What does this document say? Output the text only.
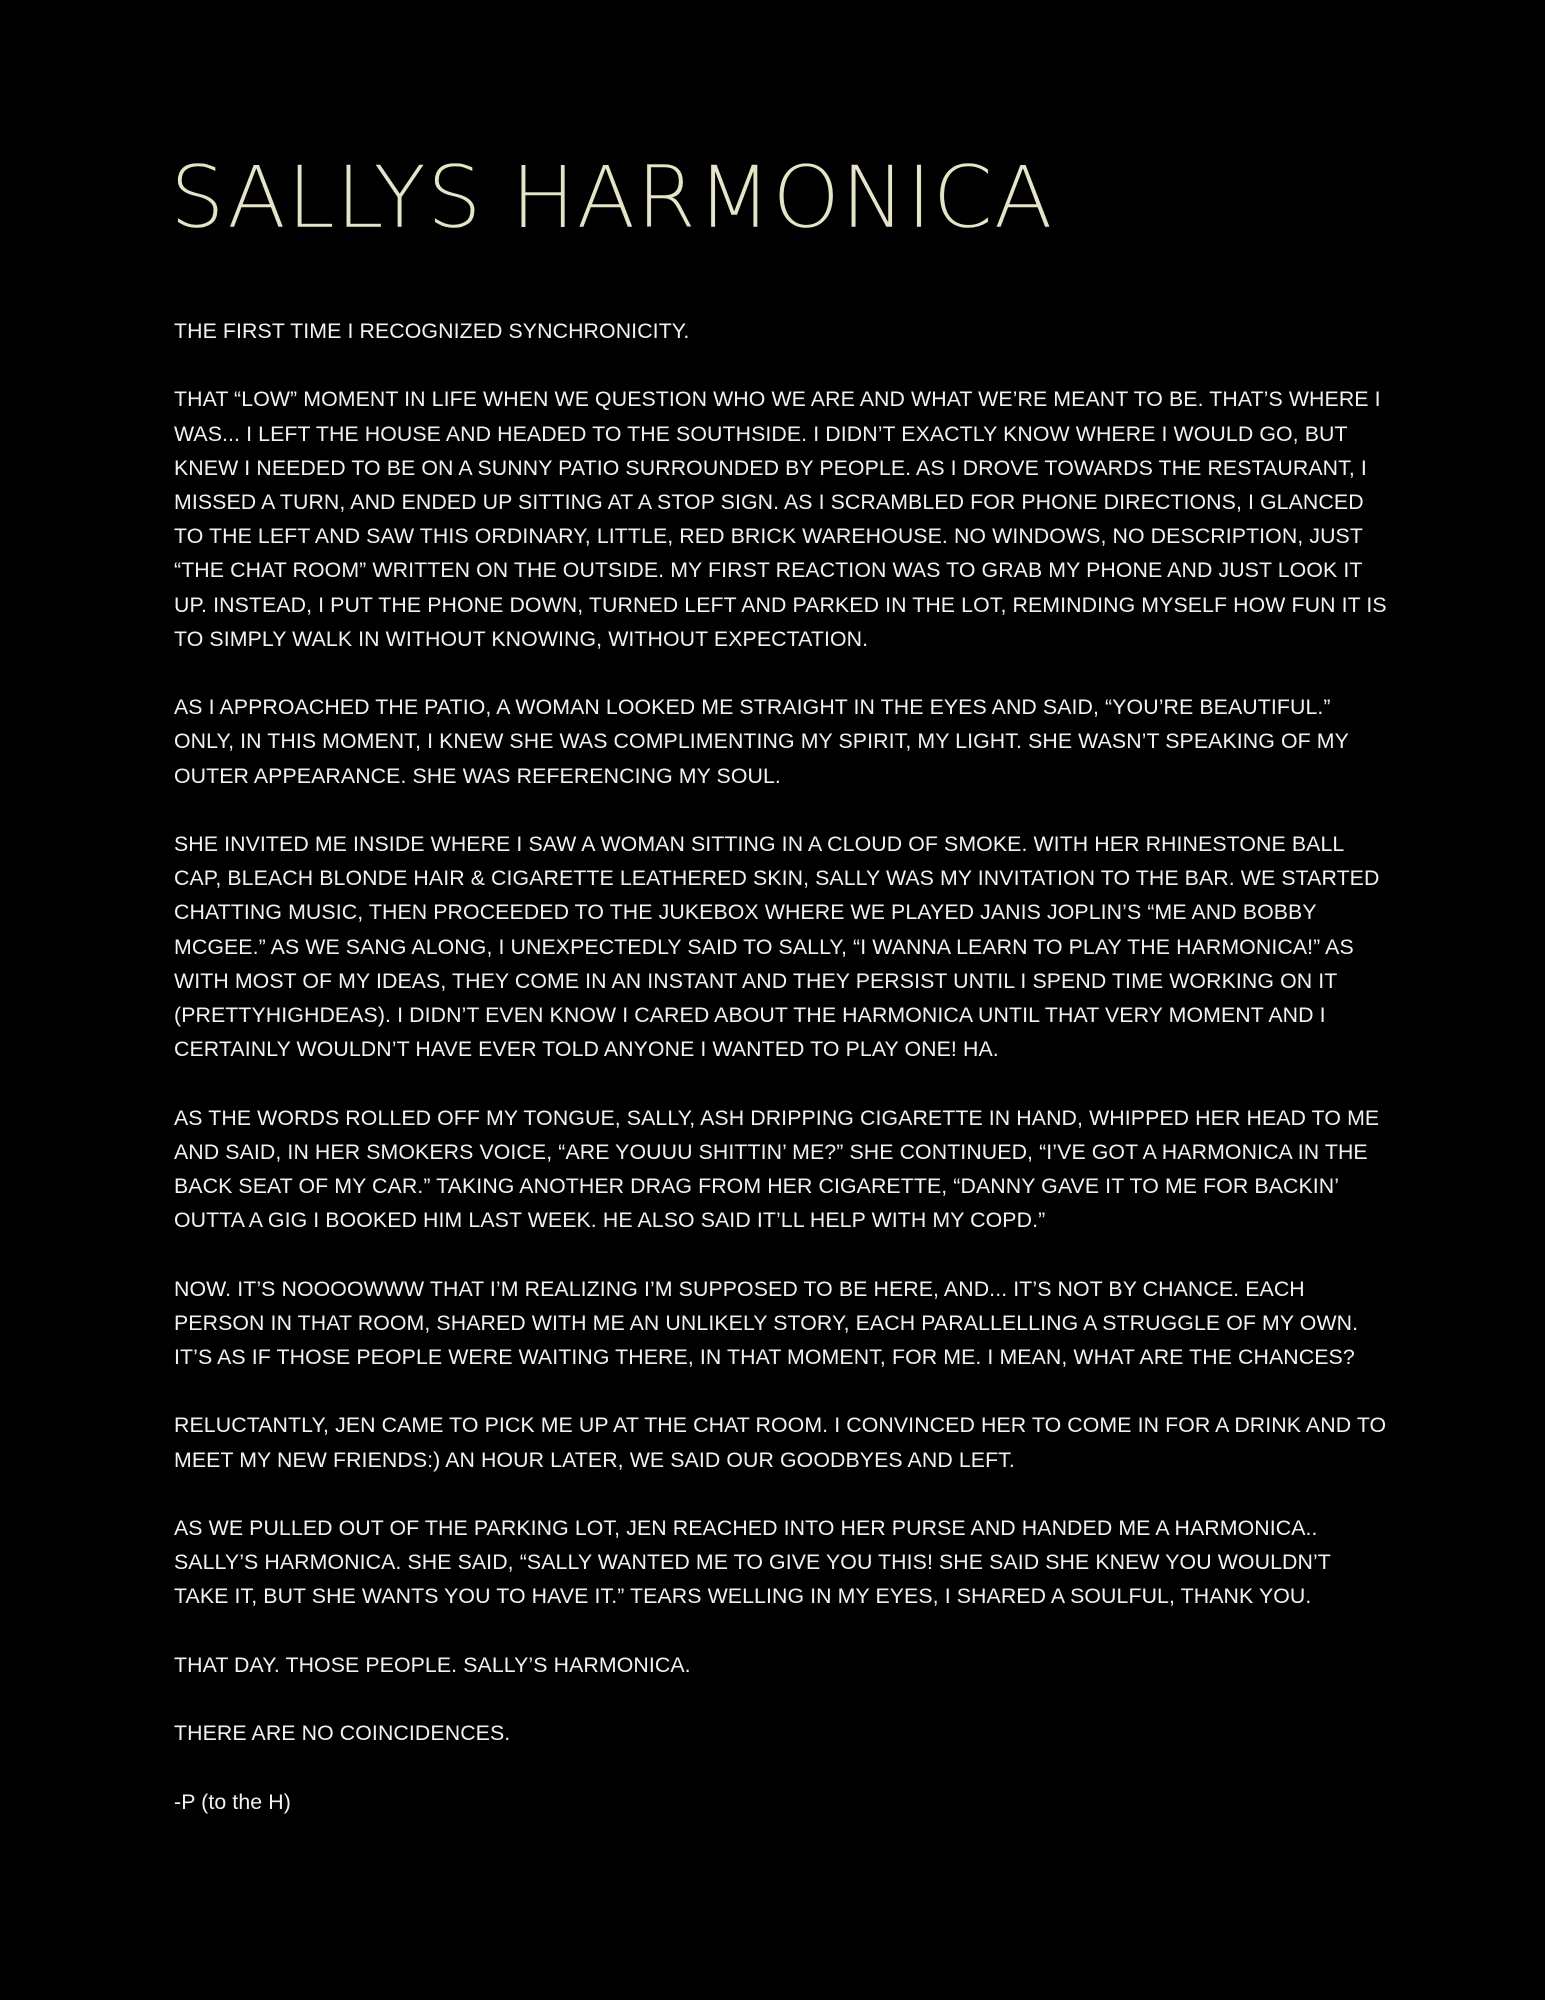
SALLYS HARMONICA

THE FIRST TIME I RECOGNIZED SYNCHRONICITY.

THAT “LOW” MOMENT IN LIFE WHEN WE QUESTION WHO WE ARE AND WHAT WE’RE MEANT TO BE. THAT’S WHERE I WAS... I LEFT THE HOUSE AND HEADED TO THE SOUTHSIDE. I DIDN’T EXACTLY KNOW WHERE I WOULD GO, BUT KNEW I NEEDED TO BE ON A SUNNY PATIO SURROUNDED BY PEOPLE. AS I DROVE TOWARDS THE RESTAURANT, I MISSED A TURN, AND ENDED UP SITTING AT A STOP SIGN. AS I SCRAMBLED FOR PHONE DIRECTIONS, I GLANCED TO THE LEFT AND SAW THIS ORDINARY, LITTLE, RED BRICK WAREHOUSE. NO WINDOWS, NO DESCRIPTION, JUST “THE CHAT ROOM” WRITTEN ON THE OUTSIDE. MY FIRST REACTION WAS TO GRAB MY PHONE AND JUST LOOK IT UP. INSTEAD, I PUT THE PHONE DOWN, TURNED LEFT AND PARKED IN THE LOT, REMINDING MYSELF HOW FUN IT IS TO SIMPLY WALK IN WITHOUT KNOWING, WITHOUT EXPECTATION.

AS I APPROACHED THE PATIO, A WOMAN LOOKED ME STRAIGHT IN THE EYES AND SAID, “YOU’RE BEAUTIFUL.” ONLY, IN THIS MOMENT, I KNEW SHE WAS COMPLIMENTING MY SPIRIT, MY LIGHT. SHE WASN’T SPEAKING OF MY OUTER APPEARANCE. SHE WAS REFERENCING MY SOUL.

SHE INVITED ME INSIDE WHERE I SAW A WOMAN SITTING IN A CLOUD OF SMOKE. WITH HER RHINESTONE BALL CAP, BLEACH BLONDE HAIR & CIGARETTE LEATHERED SKIN, SALLY WAS MY INVITATION TO THE BAR. WE STARTED CHATTING MUSIC, THEN PROCEEDED TO THE JUKEBOX WHERE WE PLAYED JANIS JOPLIN’S “ME AND BOBBY MCGEE.” AS WE SANG ALONG, I UNEXPECTEDLY SAID TO SALLY, “I WANNA LEARN TO PLAY THE HARMONICA!” AS WITH MOST OF MY IDEAS, THEY COME IN AN INSTANT AND THEY PERSIST UNTIL I SPEND TIME WORKING ON IT (PRETTYHIGHDEAS). I DIDN’T EVEN KNOW I CARED ABOUT THE HARMONICA UNTIL THAT VERY MOMENT AND I CERTAINLY WOULDN’T HAVE EVER TOLD ANYONE I WANTED TO PLAY ONE! HA.

AS THE WORDS ROLLED OFF MY TONGUE, SALLY, ASH DRIPPING CIGARETTE IN HAND, WHIPPED HER HEAD TO ME AND SAID, IN HER SMOKERS VOICE, “ARE YOUUU SHITTIN’ ME?” SHE CONTINUED, “I’VE GOT A HARMONICA IN THE BACK SEAT OF MY CAR.” TAKING ANOTHER DRAG FROM HER CIGARETTE, “DANNY GAVE IT TO ME FOR BACKIN’ OUTTA A GIG I BOOKED HIM LAST WEEK. HE ALSO SAID IT’LL HELP WITH MY COPD.”

NOW. IT’S NOOOOWWW THAT I’M REALIZING I’M SUPPOSED TO BE HERE, AND... IT’S NOT BY CHANCE. EACH PERSON IN THAT ROOM, SHARED WITH ME AN UNLIKELY STORY, EACH PARALLELLING A STRUGGLE OF MY OWN. IT’S AS IF THOSE PEOPLE WERE WAITING THERE, IN THAT MOMENT, FOR ME. I MEAN, WHAT ARE THE CHANCES?

RELUCTANTLY, JEN CAME TO PICK ME UP AT THE CHAT ROOM. I CONVINCED HER TO COME IN FOR A DRINK AND TO MEET MY NEW FRIENDS:) AN HOUR LATER, WE SAID OUR GOODBYES AND LEFT.

AS WE PULLED OUT OF THE PARKING LOT, JEN REACHED INTO HER PURSE AND HANDED ME A HARMONICA.. SALLY’S HARMONICA. SHE SAID, “SALLY WANTED ME TO GIVE YOU THIS! SHE SAID SHE KNEW YOU WOULDN’T TAKE IT, BUT SHE WANTS YOU TO HAVE IT.” TEARS WELLING IN MY EYES, I SHARED A SOULFUL, THANK YOU.

THAT DAY. THOSE PEOPLE. SALLY’S HARMONICA.

THERE ARE NO COINCIDENCES.

-P (to the H)
